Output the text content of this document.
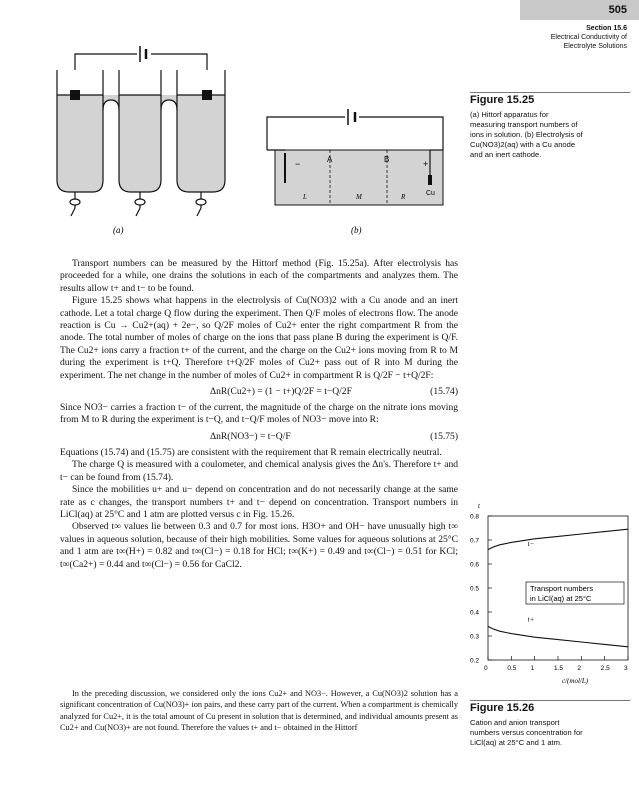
505
Section 15.6
Electrical Conductivity of
Electrolyte Solutions
(a)
A	B
−	+
Cu
L	M	R
(b)
Figure 15.25
(a) Hittorf apparatus for
measuring transport numbers of
ions in solution. (b) Electrolysis of
Cu(NO3)2(aq) with a Cu anode
and an inert cathode.

Transport numbers can be measured by the Hittorf method (Fig. 15.25a). After electrolysis has proceeded for a while, one drains the solutions in each of the compartments and analyzes them. The results allow t+ and t− to be found.

Figure 15.25 shows what happens in the electrolysis of Cu(NO3)2 with a Cu anode and an inert cathode. Let a total charge Q flow during the experiment. Then Q/F moles of electrons flow. The anode reaction is Cu → Cu2+(aq) + 2e−, so Q/2F moles of Cu2+ enter the right compartment R from the anode. The total number of moles of charge on the ions that pass plane B during the experiment is Q/F. The Cu2+ ions carry a fraction t+ of the current, and the charge on the Cu2+ ions moving from R to M during the experiment is t+Q. Therefore t+Q/2F moles of Cu2+ pass out of R into M during the experiment. The net change in the number of moles of Cu2+ in compartment R is Q/2F − t+Q/2F:

ΔnR(Cu2+) = (1 − t+)Q/2F = t−Q/2F	(15.74)

Since NO3− carries a fraction t− of the current, the magnitude of the charge on the nitrate ions moving from M to R during the experiment is t−Q, and t−Q/F moles of NO3− move into R:

ΔnR(NO3−) = t−Q/F	(15.75)

Equations (15.74) and (15.75) are consistent with the requirement that R remain electrically neutral.

The charge Q is measured with a coulometer, and chemical analysis gives the Δn's. Therefore t+ and t− can be found from (15.74).

Since the mobilities u+ and u− depend on concentration and do not necessarily change at the same rate as c changes, the transport numbers t+ and t− depend on concentration. Transport numbers in LiCl(aq) at 25°C and 1 atm are plotted versus c in Fig. 15.26.

Observed t∞ values lie between 0.3 and 0.7 for most ions. H3O+ and OH− have unusually high t∞ values in aqueous solution, because of their high mobilities. Some values for aqueous solutions at 25°C and 1 atm are t∞(H+) = 0.82 and t∞(Cl−) = 0.18 for HCl; t∞(K+) = 0.49 and t∞(Cl−) = 0.51 for KCl; t∞(Ca2+) = 0.44 and t∞(Cl−) = 0.56 for CaCl2.

In the preceding discussion, we considered only the ions Cu2+ and NO3−. However, a Cu(NO3)2 solution has a significant concentration of Cu(NO3)+ ion pairs, and these carry part of the current. When a compartment is chemically analyzed for Cu2+, it is the total amount of Cu present in solution that is determined, and individual amounts present as Cu2+ and Cu(NO3)+ are not found. Therefore the values t+ and t− obtained in the Hittorf

t
0.2
0.3
0.4
0.5
0.6
0.7
0.8
0	0.5 1	1.5 2	2.5 3
t+
t−
Transport numbers
in LiCl(aq) at 25°C
c/(mol/L)
Figure 15.26
Cation and anion transport
numbers versus concentration for
LiCl(aq) at 25°C and 1 atm.
